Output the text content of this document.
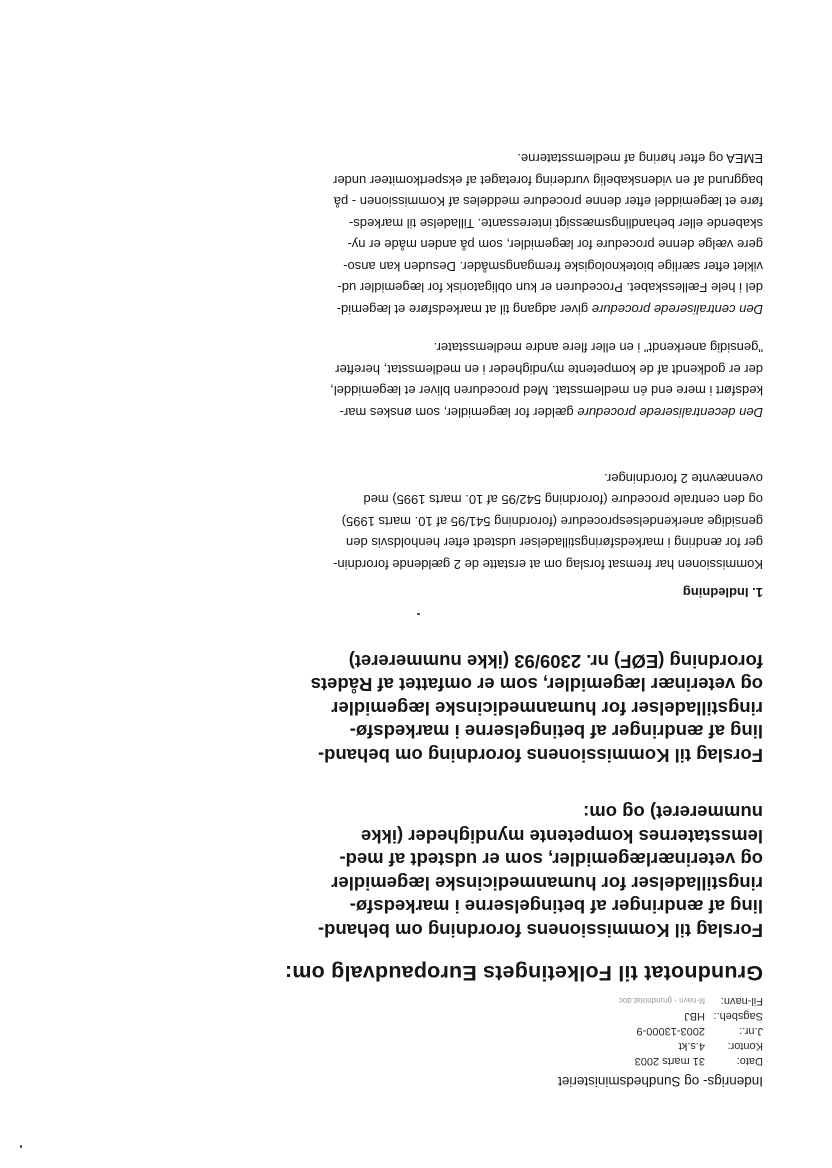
Indenrigs- og Sundhedsministeriet
Dato:
31 marts 2003
Kontor:
4.s.kt
J.nr.:
2003-13000-9
Sagsbeh.:
HBJ
Fil-navn:
fil-navn - grundnotat.doc
Grundnotat til Folketingets Europaudvalg om:
Forslag til Kommissionens forordning om behand-
ling af ændringer af betingelserne i markedsfø-
ringstilladelser for humanmedicinske lægemidler
og veterinærlægemidler, som er udstedt af med-
lemsstaternes kompetente myndigheder (ikke
nummereret) og om:
Forslag til Kommissionens forordning om behand-
ling af ændringer af betingelserne i markedsfø-
ringstilladelser for humanmedicinske lægemidler
og veterinær lægemidler, som er omfattet af Rådets
forordning (EØF) nr. 2309/93 (ikke nummereret)
1. Indledning
Kommissionen har fremsat forslag om at erstatte de 2 gældende forordnin-
ger for ændring i markedsføringstilladelser udstedt efter henholdsvis den
gensidige anerkendelsesprocedure (forordning 541/95 af 10. marts 1995)
og den centrale procedure (forordning 542/95 af 10. marts 1995) med
ovennævnte 2 forordninger.
Den decentraliserede procedure gælder for lægemidler, som ønskes mar-
kedsført i mere end én medlemsstat. Med proceduren bliver et lægemiddel,
der er godkendt af de kompetente myndigheder i en medlemsstat, herefter
"gensidig anerkendt" i en eller flere andre medlemsstater.
Den centraliserede procedure giver adgang til at markedsføre et lægemid-
del i hele Fællesskabet. Proceduren er kun obligatorisk for lægemidler ud-
viklet efter særlige bioteknologiske fremgangsmåder. Desuden kan anso-
gere vælge denne procedure for lægemidler, som på anden måde er ny-
skabende eller behandlingsmæssigt interessante. Tilladelse til markeds-
føre et lægemiddel efter denne procedure meddeles af Kommissionen - på
baggrund af en videnskabelig vurdering foretaget af ekspertkomiteer under
EMEA og efter høring af medlemsstaterne.
